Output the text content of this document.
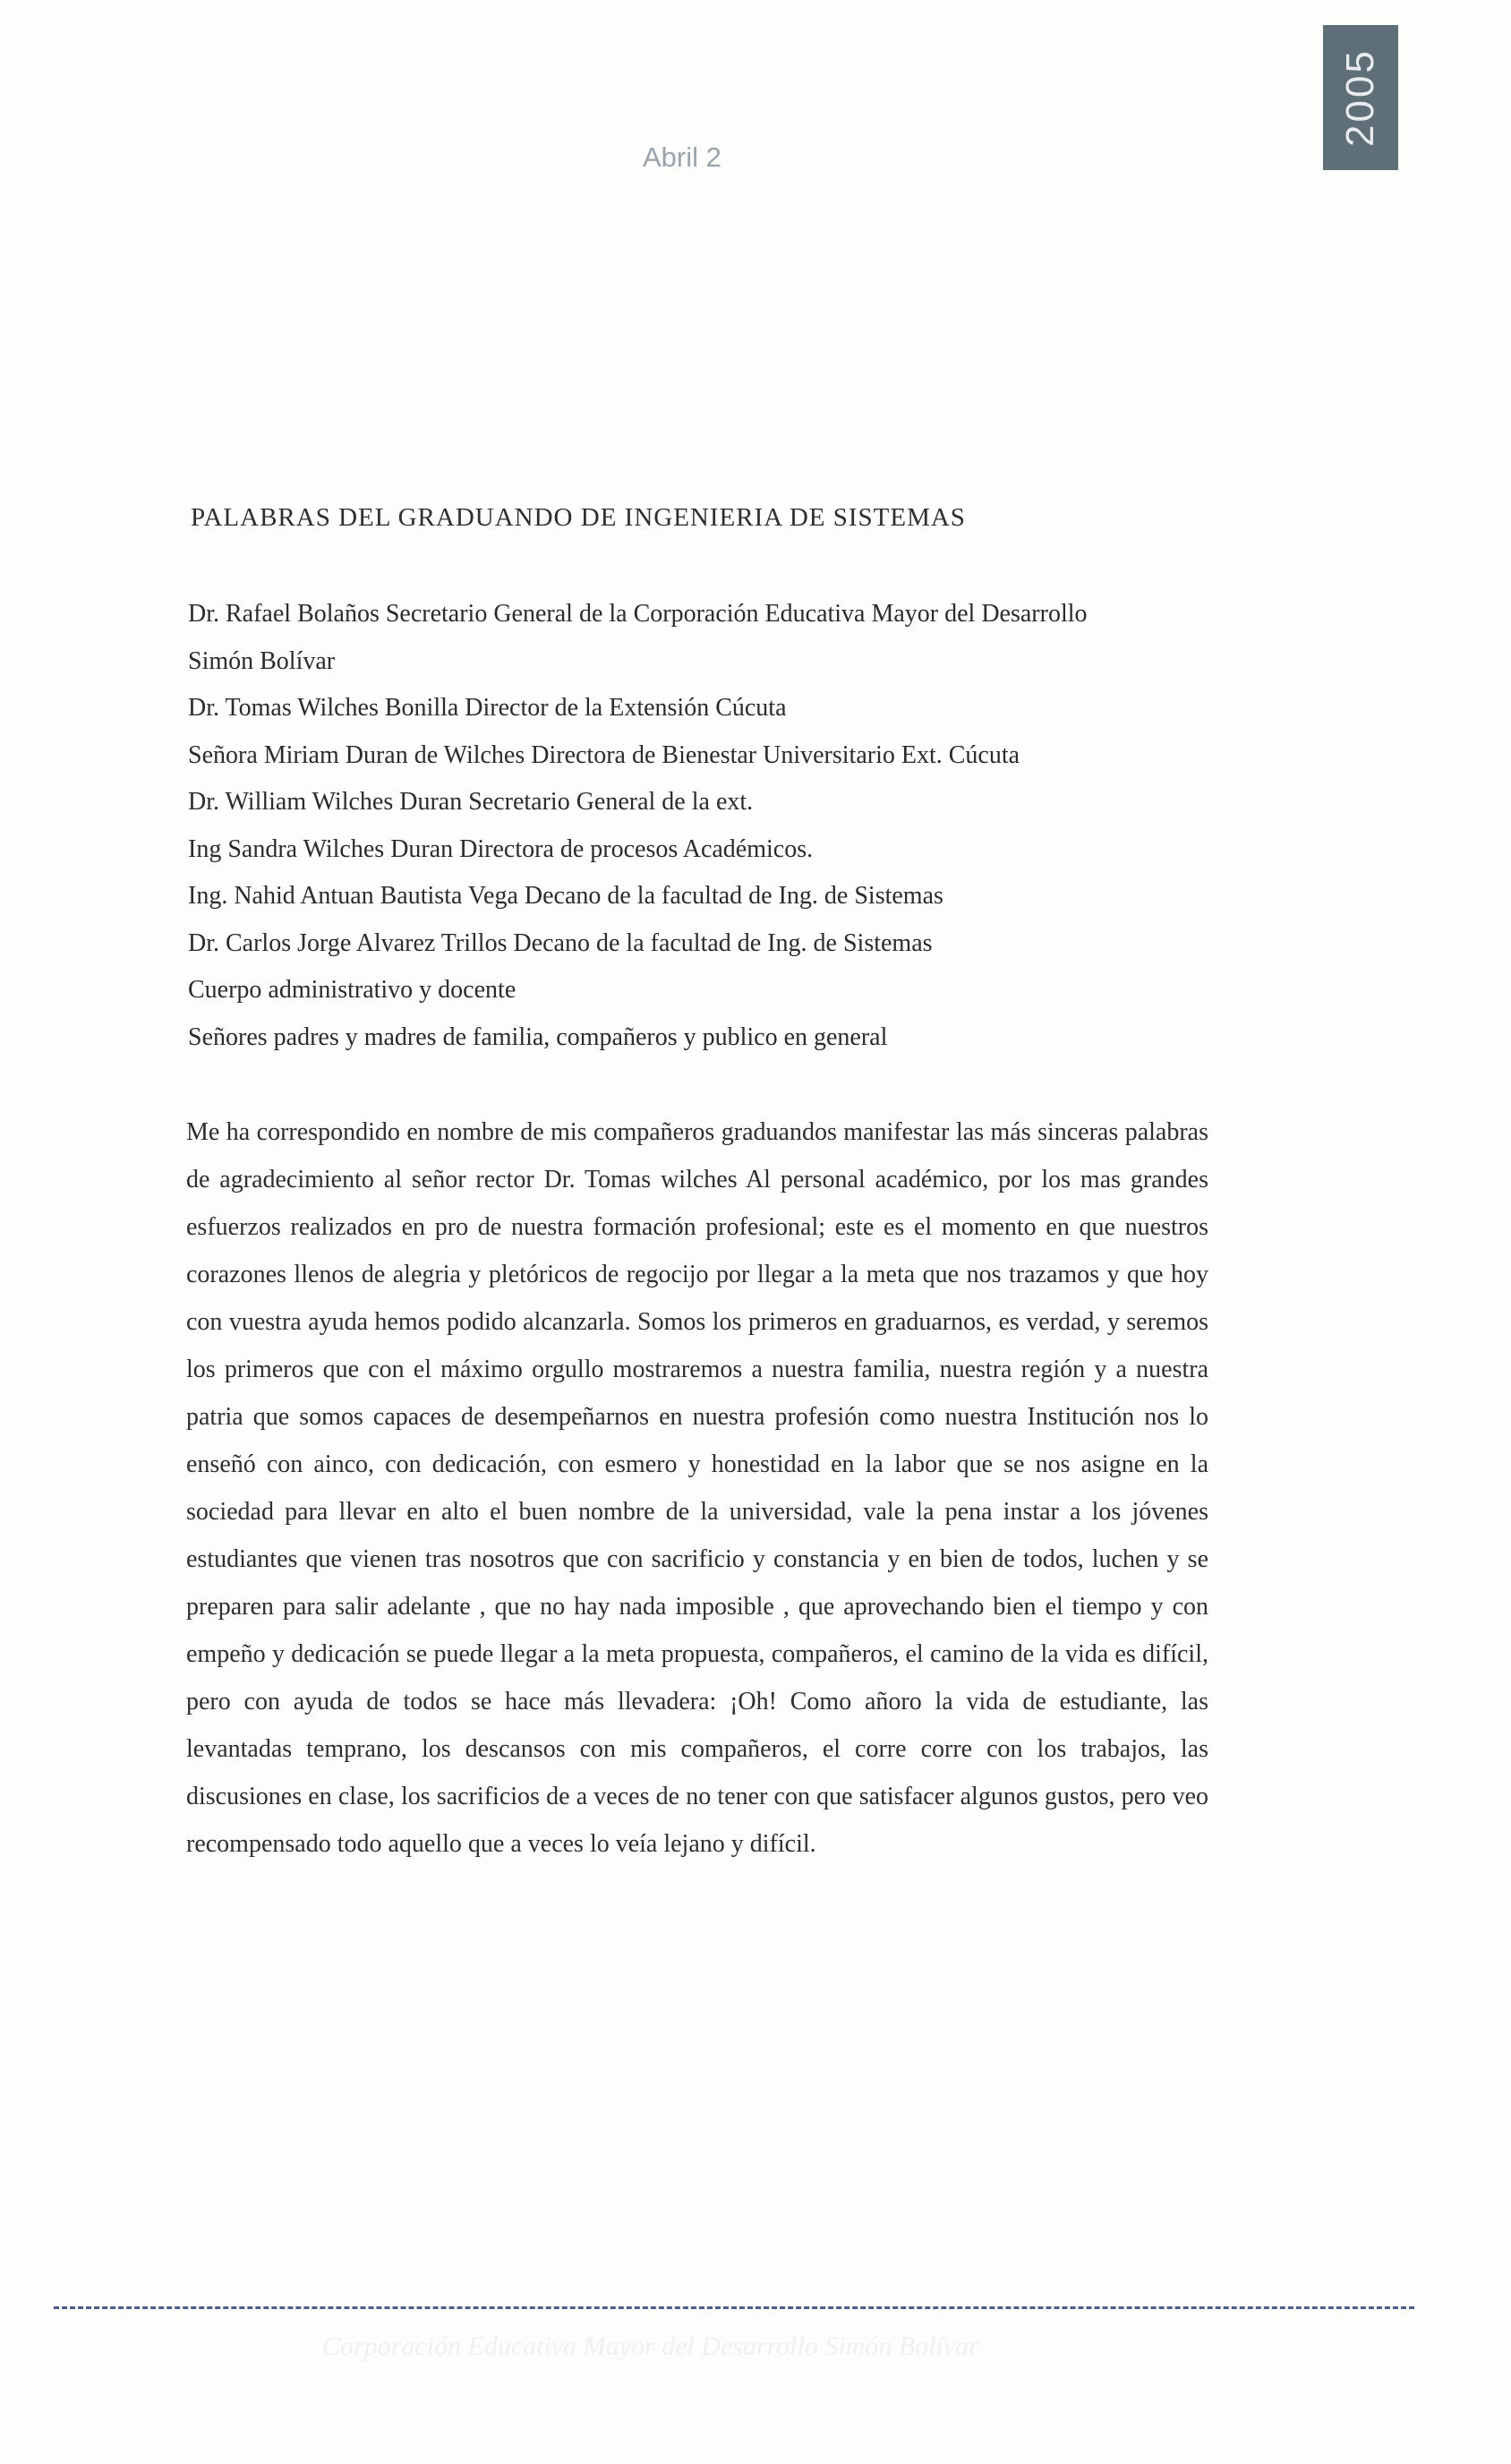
2005
Abril 2
PALABRAS DEL GRADUANDO DE INGENIERIA DE SISTEMAS
Dr. Rafael Bolaños Secretario General de la Corporación Educativa Mayor del Desarrollo
Simón Bolívar
Dr. Tomas Wilches Bonilla Director de la Extensión Cúcuta
Señora Miriam Duran de Wilches Directora de Bienestar Universitario Ext. Cúcuta
Dr. William Wilches Duran Secretario General de la ext.
Ing Sandra Wilches Duran Directora de procesos Académicos.
Ing. Nahid Antuan Bautista Vega Decano de la facultad de Ing. de Sistemas
Dr. Carlos Jorge Alvarez Trillos Decano de la facultad de Ing. de Sistemas
Cuerpo administrativo y docente
Señores padres y madres de familia, compañeros y publico en general

Me ha correspondido en nombre de mis compañeros graduandos manifestar las más sinceras palabras de agradecimiento al señor rector Dr. Tomas wilches Al personal académico, por los mas grandes esfuerzos realizados en pro de nuestra formación profesional; este es el momento en que nuestros corazones llenos de alegria y pletóricos de regocijo por llegar a la meta que nos trazamos y que hoy con vuestra ayuda hemos podido alcanzarla. Somos los primeros en graduarnos, es verdad, y seremos los primeros que con el máximo orgullo mostraremos a nuestra familia, nuestra región y a nuestra patria que somos capaces de desempeñarnos en nuestra profesión como nuestra Institución nos lo enseñó con ainco, con dedicación, con esmero y honestidad en la labor que se nos asigne en la sociedad para llevar en alto el buen nombre de la universidad, vale la pena instar a los jóvenes estudiantes que vienen tras nosotros que con sacrificio y constancia y en bien de todos, luchen y se preparen para salir adelante , que no hay nada imposible , que aprovechando bien el tiempo y con empeño y dedicación se puede llegar a la meta propuesta, compañeros, el camino de la vida es difícil, pero con ayuda de todos se hace más llevadera: ¡Oh! Como añoro la vida de estudiante, las levantadas temprano, los descansos con mis compañeros, el corre corre con los trabajos, las discusiones en clase, los sacrificios de a veces de no tener con que satisfacer algunos gustos, pero veo recompensado todo aquello que a veces lo veía lejano y difícil.

Corporación Educativa Mayor del Desarrollo Simón Bolívar
